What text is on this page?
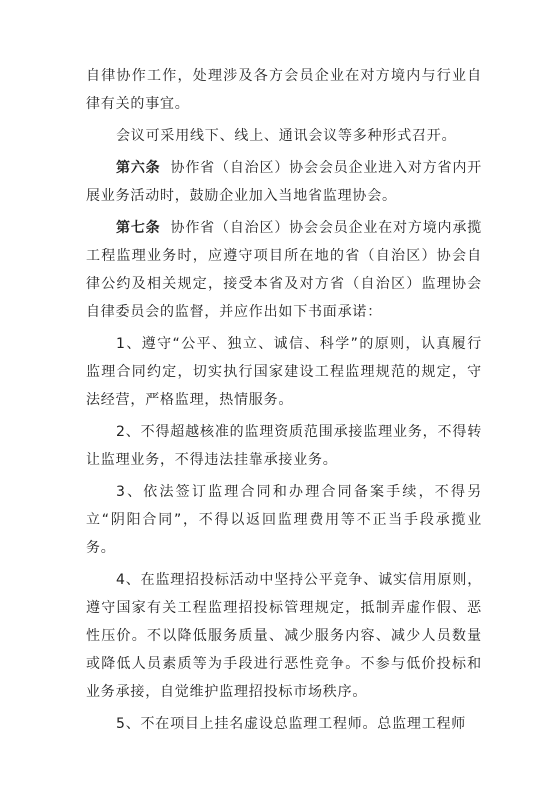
自律协作工作，处理涉及各方会员企业在对方境内与行业自律有关的事宜。

会议可采用线下、线上、通讯会议等多种形式召开。

第六条 协作省（自治区）协会会员企业进入对方省内开展业务活动时，鼓励企业加入当地省监理协会。

第七条 协作省（自治区）协会会员企业在对方境内承揽工程监理业务时，应遵守项目所在地的省（自治区）协会自律公约及相关规定，接受本省及对方省（自治区）监理协会自律委员会的监督，并应作出如下书面承诺：

1、遵守“公平、独立、诚信、科学”的原则，认真履行监理合同约定，切实执行国家建设工程监理规范的规定，守法经营，严格监理，热情服务。

2、不得超越核准的监理资质范围承接监理业务，不得转让监理业务，不得违法挂靠承接业务。

3、依法签订监理合同和办理合同备案手续，不得另立“阴阳合同”，不得以返回监理费用等不正当手段承揽业务。

4、在监理招投标活动中坚持公平竞争、诚实信用原则，遵守国家有关工程监理招投标管理规定，抵制弄虚作假、恶性压价。不以降低服务质量、减少服务内容、减少人员数量或降低人员素质等为手段进行恶性竞争。不参与低价投标和业务承接，自觉维护监理招投标市场秩序。

5、不在项目上挂名虚设总监理工程师。总监理工程师
